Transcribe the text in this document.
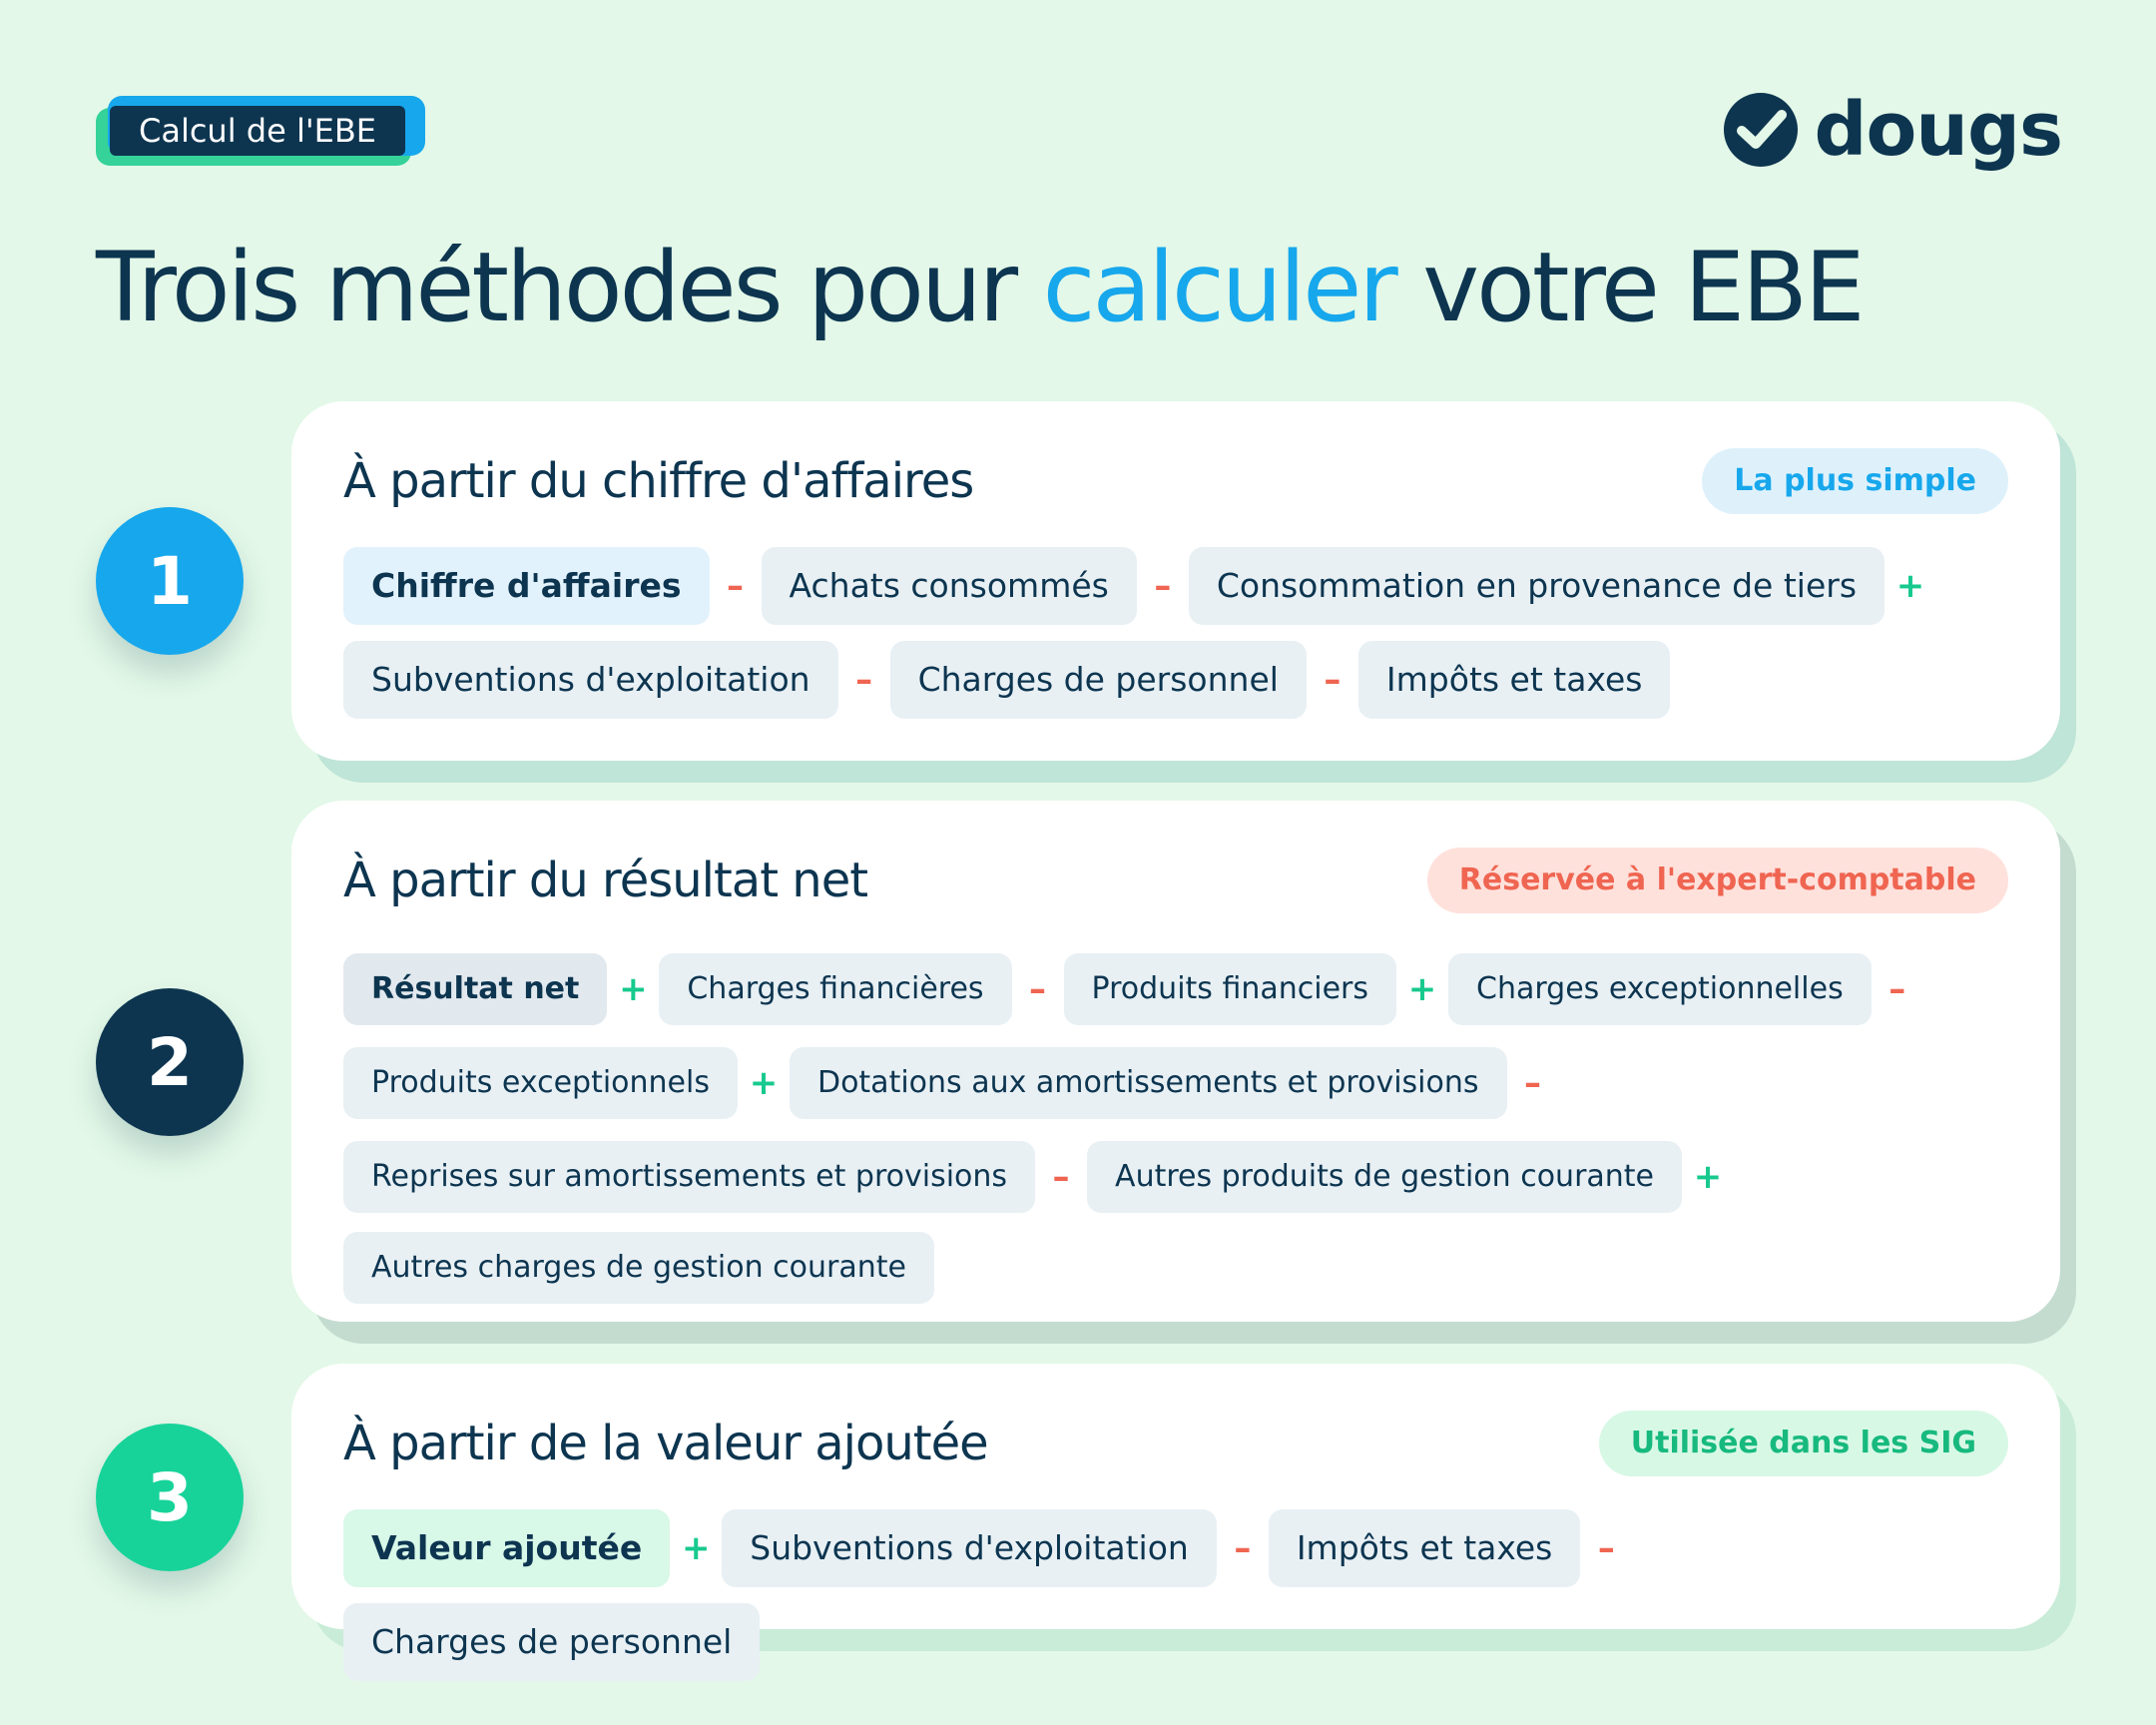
Calcul de l'EBE	dougs
Trois méthodes pour calculer votre EBE
1
2
3
À partir du chiffre d'affaires	La plus simple
Chiffre d'affaires	–	Achats consommés	–	Consommation en provenance de tiers	+
Subventions d'exploitation	–	Charges de personnel	–	Impôts et taxes
À partir du résultat net	Réservée à l'expert-comptable
Résultat net	+	Charges financières	–	Produits financiers	+	Charges exceptionnelles	–
Produits exceptionnels	+	Dotations aux amortissements et provisions	–
Reprises sur amortissements et provisions	–	Autres produits de gestion courante	+
Autres charges de gestion courante
À partir de la valeur ajoutée	Utilisée dans les SIG
Valeur ajoutée	+	Subventions d'exploitation	–	Impôts et taxes	–
Charges de personnel
